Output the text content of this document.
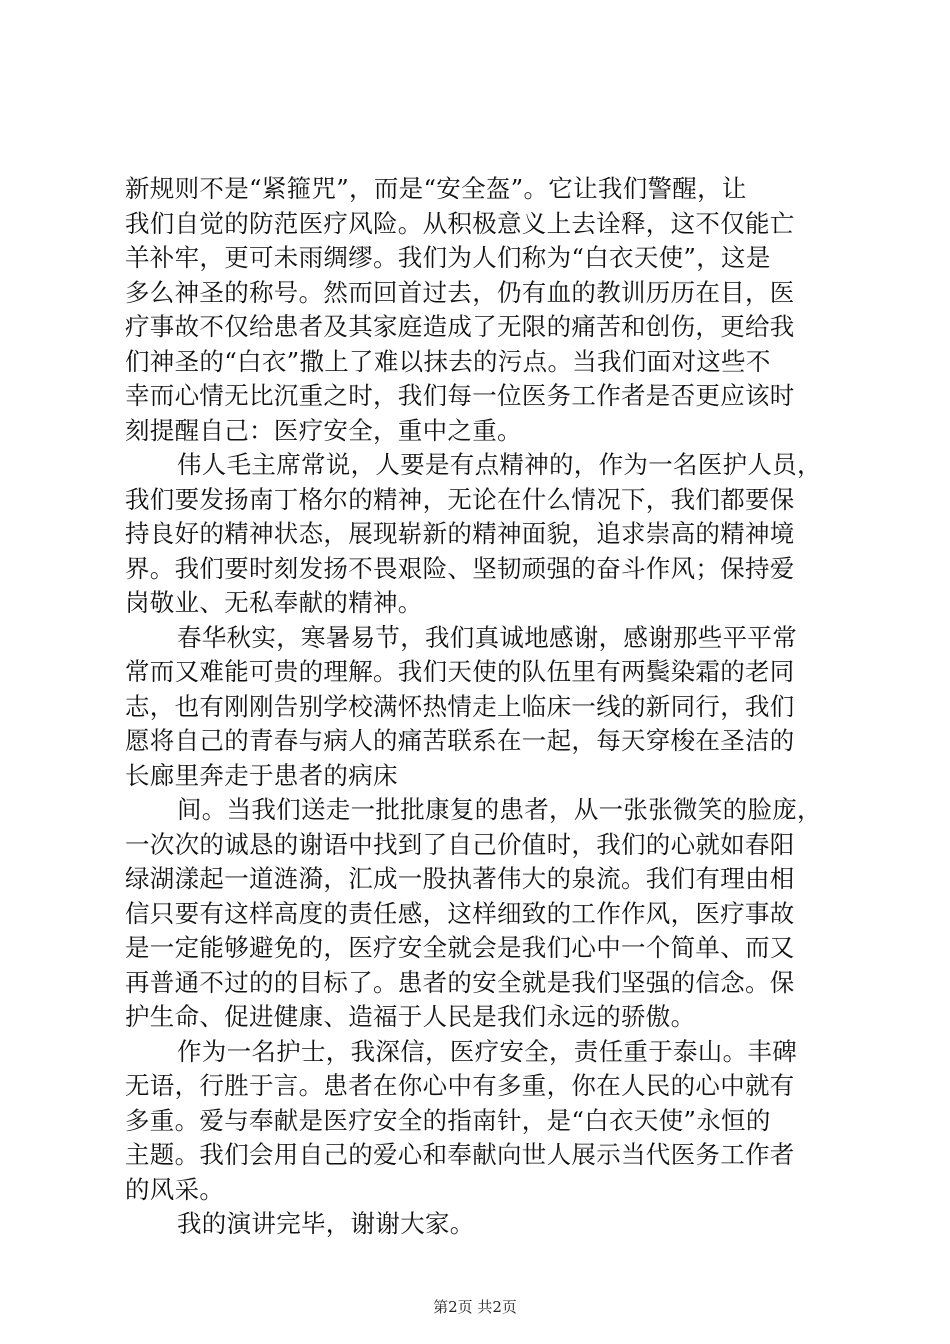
新规则不是“紧箍咒”，而是“安全盔”。它让我们警醒，让
我们自觉的防范医疗风险。从积极意义上去诠释，这不仅能亡
羊补牢，更可未雨绸缪。我们为人们称为“白衣天使”，这是
多么神圣的称号。然而回首过去，仍有血的教训历历在目，医
疗事故不仅给患者及其家庭造成了无限的痛苦和创伤，更给我
们神圣的“白衣”撒上了难以抹去的污点。当我们面对这些不
幸而心情无比沉重之时，我们每一位医务工作者是否更应该时
刻提醒自己：医疗安全，重中之重。
伟人毛主席常说，人要是有点精神的，作为一名医护人员，
我们要发扬南丁格尔的精神，无论在什么情况下，我们都要保
持良好的精神状态，展现崭新的精神面貌，追求崇高的精神境
界。我们要时刻发扬不畏艰险、坚韧顽强的奋斗作风；保持爱
岗敬业、无私奉献的精神。
春华秋实，寒暑易节，我们真诚地感谢，感谢那些平平常
常而又难能可贵的理解。我们天使的队伍里有两鬓染霜的老同
志，也有刚刚告别学校满怀热情走上临床一线的新同行，我们
愿将自己的青春与病人的痛苦联系在一起，每天穿梭在圣洁的
长廊里奔走于患者的病床
间。当我们送走一批批康复的患者，从一张张微笑的脸庞，
一次次的诚恳的谢语中找到了自己价值时，我们的心就如春阳
绿湖漾起一道涟漪，汇成一股执著伟大的泉流。我们有理由相
信只要有这样高度的责任感，这样细致的工作作风，医疗事故
是一定能够避免的，医疗安全就会是我们心中一个简单、而又
再普通不过的的目标了。患者的安全就是我们坚强的信念。保
护生命、促进健康、造福于人民是我们永远的骄傲。
作为一名护士，我深信，医疗安全，责任重于泰山。丰碑
无语，行胜于言。患者在你心中有多重，你在人民的心中就有
多重。爱与奉献是医疗安全的指南针，是“白衣天使”永恒的
主题。我们会用自己的爱心和奉献向世人展示当代医务工作者
的风采。
我的演讲完毕，谢谢大家。
第2页 共2页
